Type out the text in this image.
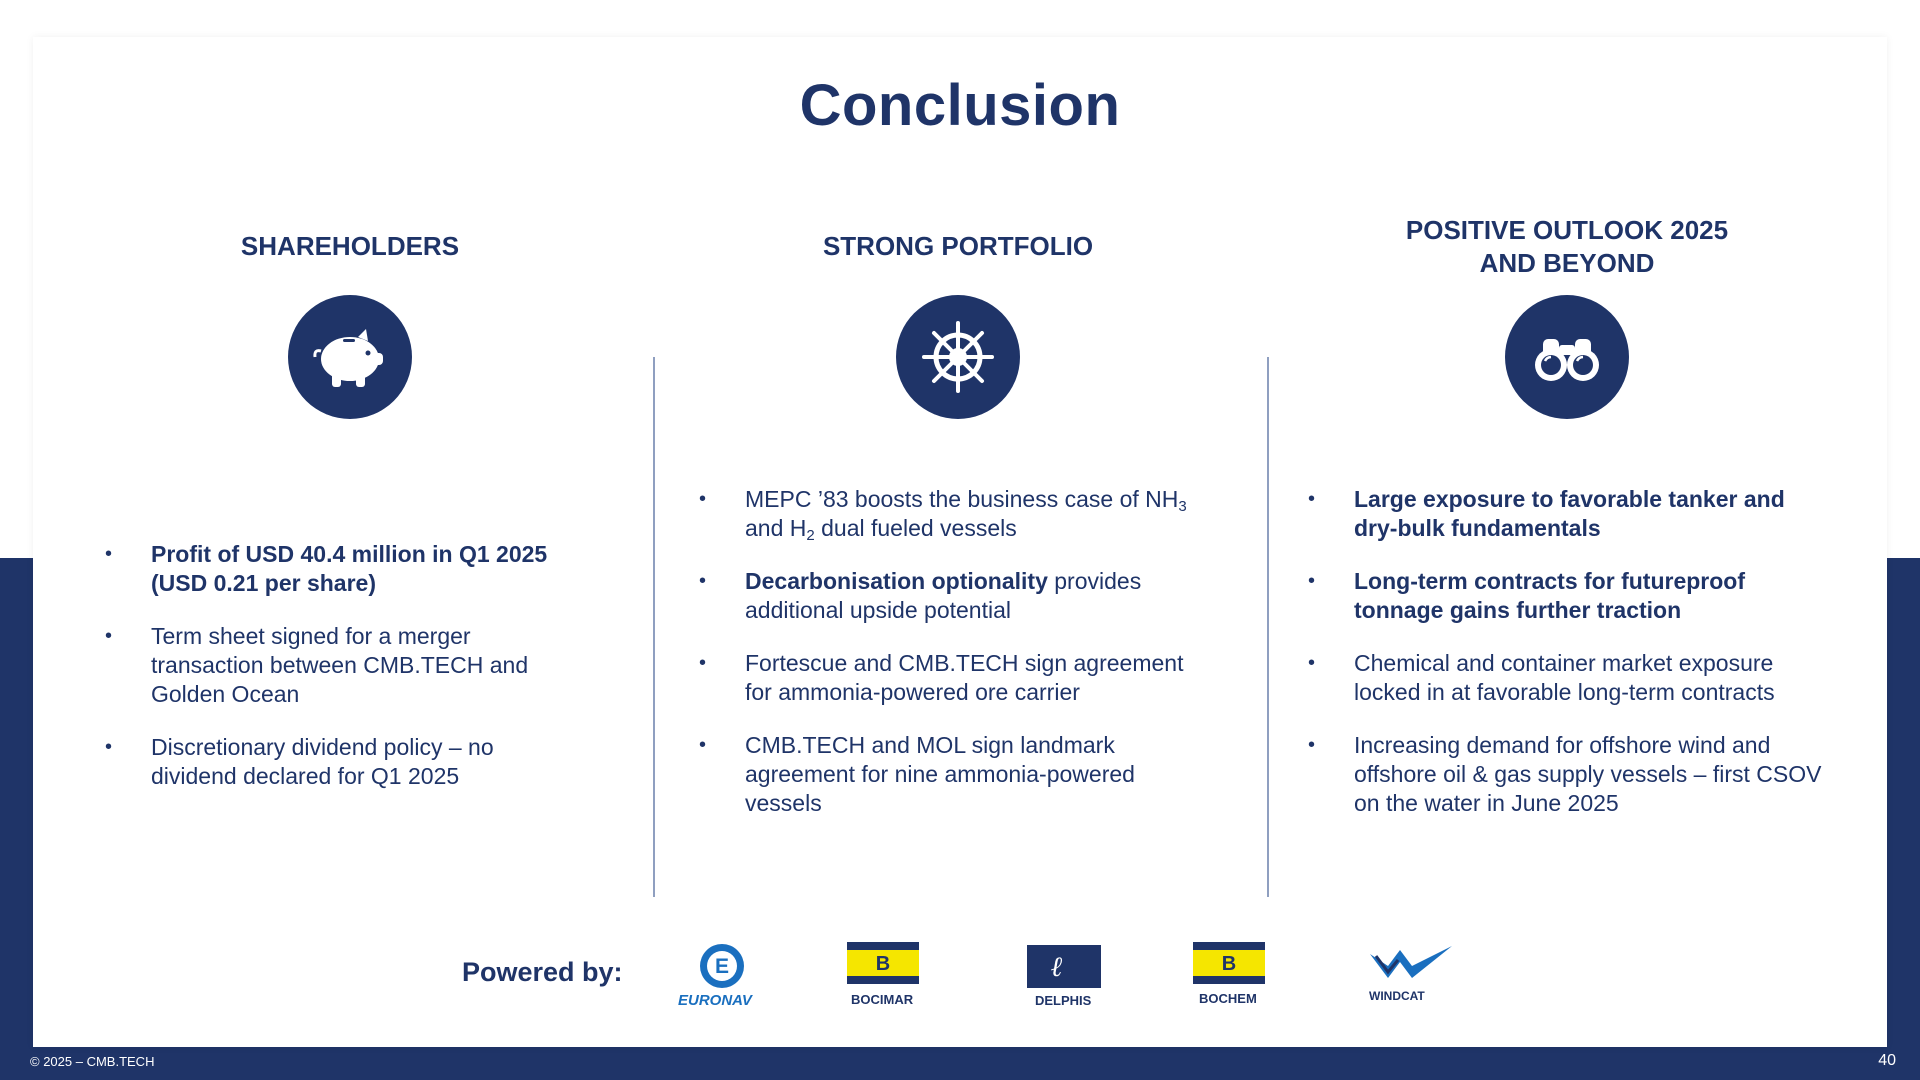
Conclusion
SHAREHOLDERS
• Profit of USD 40.4 million in Q1 2025 (USD 0.21 per share)
• Term sheet signed for a merger transaction between CMB.TECH and Golden Ocean
• Discretionary dividend policy – no dividend declared for Q1 2025
STRONG PORTFOLIO
• MEPC ’83 boosts the business case of $NH_3$ and $H_2$ dual fueled vessels
• Decarbonisation optionality provides additional upside potential
• Fortescue and CMB.TECH sign agreement for ammonia-powered ore carrier
• CMB.TECH and MOL sign landmark agreement for nine ammonia-powered vessels
POSITIVE OUTLOOK 2025
AND BEYOND
• Large exposure to favorable tanker and dry-bulk fundamentals
• Long-term contracts for futureproof tonnage gains further traction
• Chemical and container market exposure locked in at favorable long-term contracts
• Increasing demand for offshore wind and offshore oil & gas supply vessels – first CSOV on the water in June 2025
Powered by:	E
EURONAV
B
BOCIMAR
ℓ
DELPHIS
B
BOCHEM	WINDCAT
© 2025 – CMB.TECH	40
